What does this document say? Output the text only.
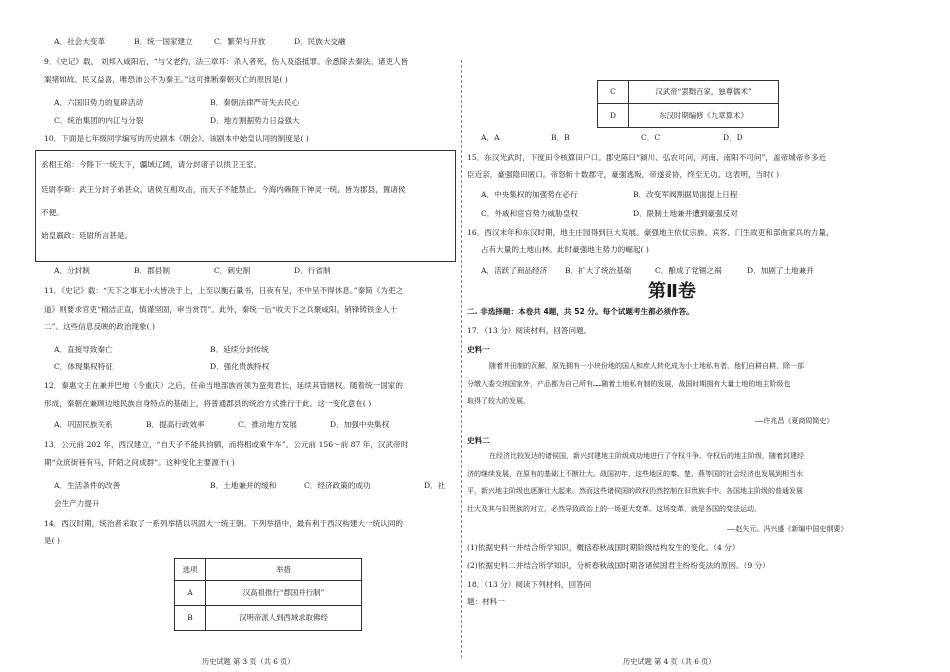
A．社会大变革	B．统一国家建立	C．繁荣与开放	D．民族大交融
9．《史记》载， 刘邦入咸阳后，“与父老约，法三章耳：杀人者死，伤人及盗抵罪。余悉除去秦法。诸吏人皆
案堵如故。民又益喜，唯恐沛公不为秦王。”这可推断秦朝灭亡的原因是( )
A．六国旧势力的复辟活动	B．秦朝法律严苛失去民心
C．统治集团的内讧与分裂	D．地方割据势力日益强大
10．下面是七年级同学编写的历史剧本《朝会》。该剧本中始皇认同的制度是( )
丞相王绾：今陛下一统天下，疆域辽阔，请分封诸子以拱卫王室。
廷尉李斯：武王分封子弟甚众，诸侯互相攻击，而天子不能禁止。今海内赖陛下神灵一统，皆为郡县，置诸侯
不便。
始皇嬴政：廷尉所言甚是。
A．分封制	B．郡县制	C．刺史制	D．行省制
11．《史记》载：“天下之事无小大皆决于上，上至以衡石量书，日夜有呈，不中呈不得休息。”秦简《为吏之
道》则要求官吏“精洁正直，慎谨坚固，审当赏罚”。此外，秦统一后“收天下之兵聚咸阳，销锋铸铁金人十
二”。这些信息反映的政治现象( )
A．直接导致秦亡	B．延续分封传统
C．体现集权特征	D．强化贵族特权
12．秦惠文王在兼并巴地（今重庆）之后，任命当地部族首领为蛮夷君长，延续其管辖权。随着统一国家的
形成，秦朝在兼顾边地民族自身特点的基础上，将普通郡县的统治方式推行于此。这一变化意在( )
A．巩固民族关系	B．提高行政效率	C．推动地方发展	D．加强中央集权
13．公元前 202 年，西汉建立，“自天子不能具钧驷，而将相或乘牛车”。公元前 156～前 87 年，汉武帝时
期“众庶街巷有马，阡陌之间成群”。这种变化主要源于( )
A．生活条件的改善	B．土地兼并的缓和	C．经济政策的成功	D．社
会生产力提升
14．西汉时期，统治者采取了一系列举措以巩固大一统王朝。下列举措中，最有利于西汉构建大一统认同的
是( )
选项	举措
A	汉高祖推行“郡国并行制”
B	汉明帝派人到西域求取佛经
历史试题 第 3 页（共 6 页）
C	汉武帝“罢黜百家，独尊儒术”
D	东汉时期编修《九章算术》
A．A	B．B	C．C	D．D
15．东汉光武时，下度田令核算田户口。郡史陈曰“颍川、弘农可问，河南、南阳不可问”，盖帝城帝乡多近
臣近亲，豪强隐田匿口。帝怒斩十数郡守，豪强逃叛，帝遂妥协，终至无功。这表明，当时( )
A．中央集权的加强势在必行	B．改变军阀割据局面提上日程
C．外戚和宦官势力威胁皇权	D．限制土地兼并遭到豪强反对
16．西汉末年和东汉时期，地主庄园得到巨大发展。豪强地主依仗宗族、宾客、门生故吏和部曲家兵的力量，
占有大量的土地山林。此时豪强地主势力的崛起( )
A．活跃了商品经济 B．扩大了统治基础	C．酿成了党锢之祸	D．加剧了土地兼并
第Ⅱ卷
二. 非选择题：本卷共 4题，共 52 分。每个试题考生都必须作答。
17．（13 分）阅读材料，回答问题。
史料一
随着井田制的瓦解，原先拥有一小块份地的国人和庶人转化成为小土地私有者，他们自耕自耕，除一部
分缴入委交纳国家外，产品都为自己所有……随着土地私有制的发展，战国时期拥有大量土地的地主阶级也
取得了较大的发展。
——许兆昌《夏商周简史》
史料二
在经济比较发达的诸侯国，新兴封建地主阶级成功地进行了夺权斗争。夺权后的地主阶级，随着封建经
济的继续发展，在原有的基础上不断壮大。战国初年，这些地区的秦、楚、燕等国的社会经济也发展到相当水
平，新兴地主阶级也逐渐壮大起来。然而这些诸侯国的政权仍然控制在旧贵族手中。各国地主阶级的普通发展
壮大及其与旧贵族的对立，必然导致政治上的一场更大变革。这场变革，就是各国的变法运动。
——赵矢元、冯兴盛《新编中国史纲要》
(1)依据史料一并结合所学知识，概括春秋战国时期阶级结构发生的变化。（4 分）
(2)依据史料二并结合所学知识，分析春秋战国时期各诸侯国君主纷纷变法的原因。（9 分）
18．（13 分）阅读下列材料，回答问
题：材料一
历史试题 第 4 页（共 6 页）
